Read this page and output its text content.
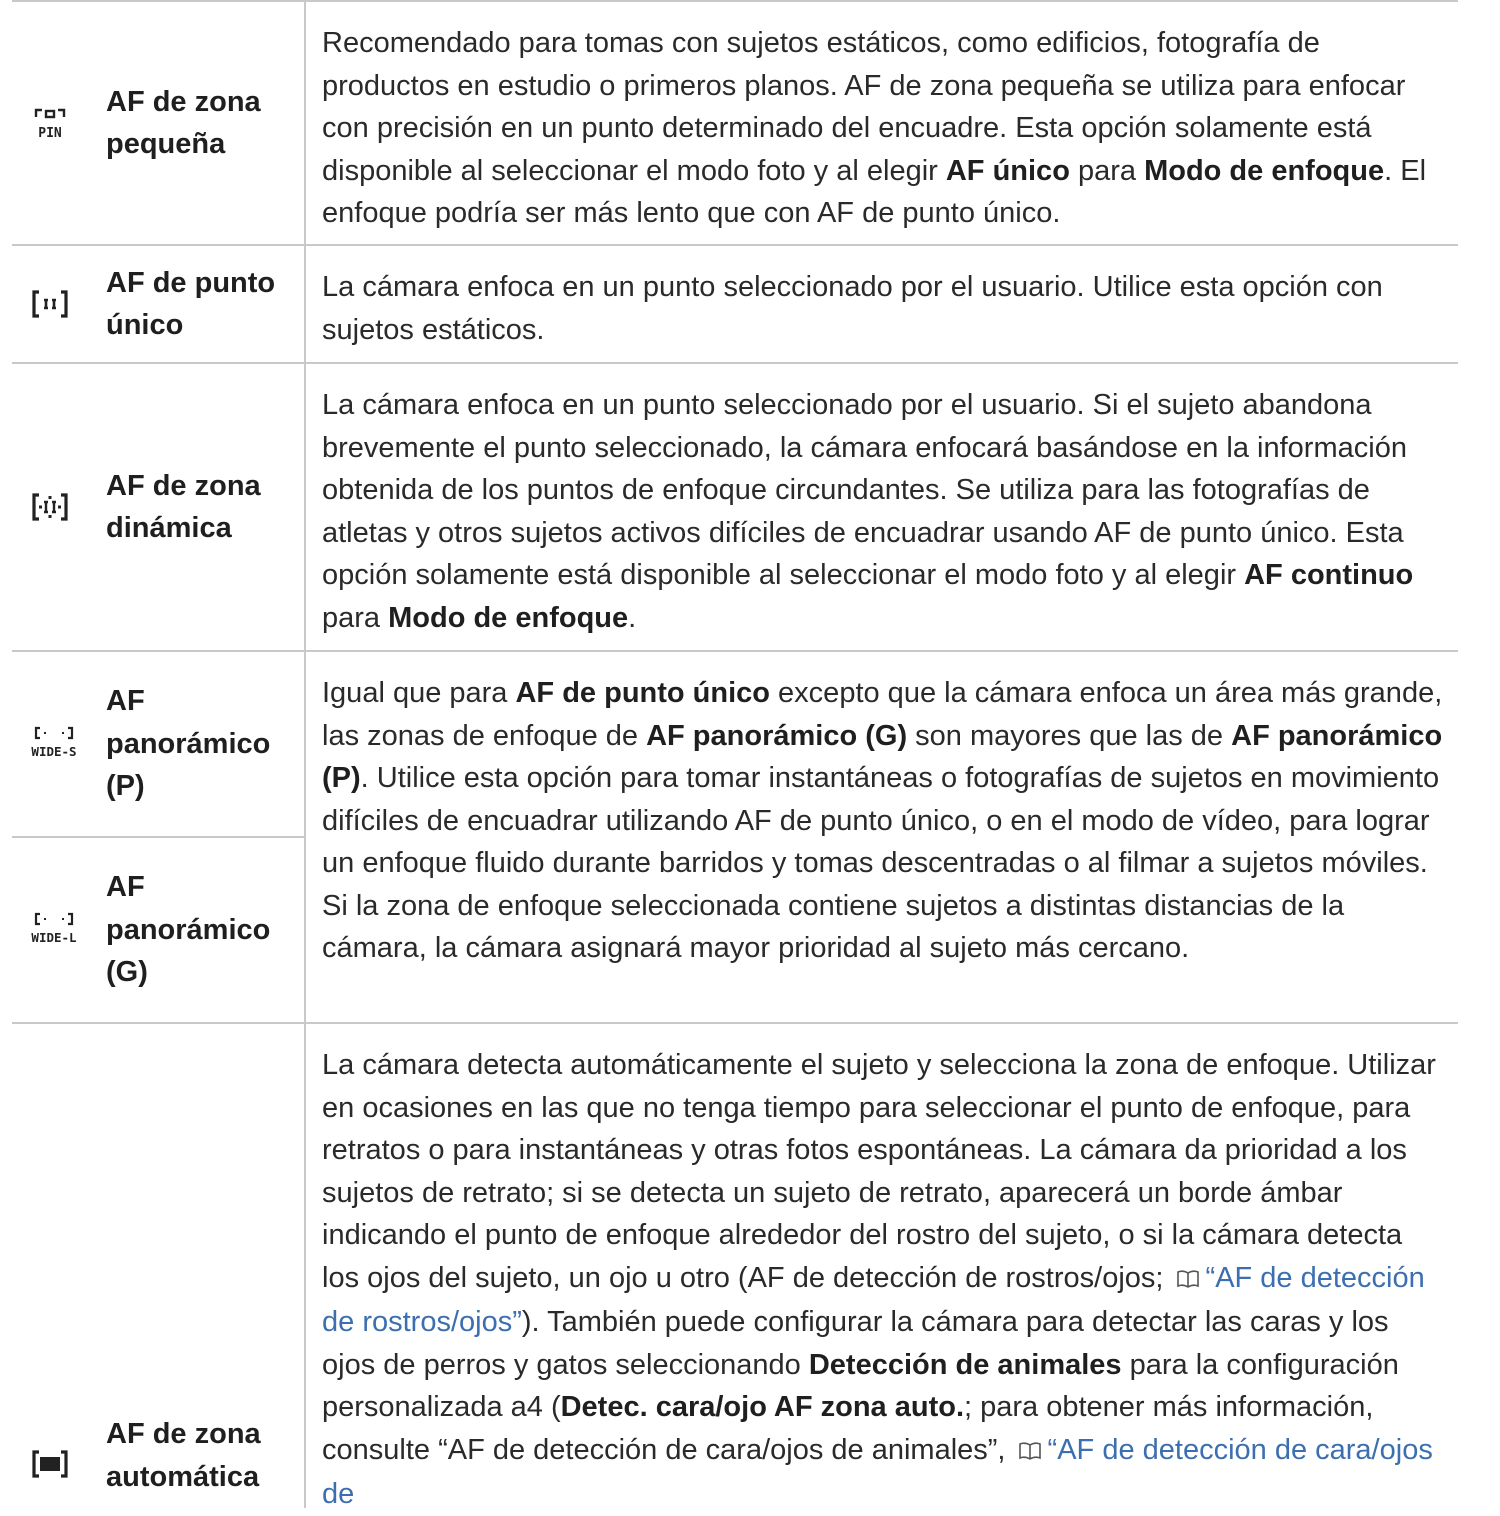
PIN
AF de zona
pequeña
Recomendado para tomas con sujetos estáticos, como edificios, fotografía de productos en estudio o primeros planos. AF de zona pequeña se utiliza para enfocar con precisión en un punto determinado del encuadre. Esta opción solamente está disponible al seleccionar el modo foto y al elegir AF único para Modo de enfoque. El enfoque podría ser más lento que con AF de punto único.
AF de punto
único
La cámara enfoca en un punto seleccionado por el usuario. Utilice esta opción con sujetos estáticos.
AF de zona
dinámica
La cámara enfoca en un punto seleccionado por el usuario. Si el sujeto abandona brevemente el punto seleccionado, la cámara enfocará basándose en la información obtenida de los puntos de enfoque circundantes. Se utiliza para las fotografías de atletas y otros sujetos activos difíciles de encuadrar usando AF de punto único. Esta opción solamente está disponible al seleccionar el modo foto y al elegir AF continuo para Modo de enfoque.
WIDE-S
AF
panorámico
(P)
WIDE-L
AF
panorámico
(G)
Igual que para AF de punto único excepto que la cámara enfoca un área más grande, las zonas de enfoque de AF panorámico (G) son mayores que las de AF panorámico (P). Utilice esta opción para tomar instantáneas o fotografías de sujetos en movimiento difíciles de encuadrar utilizando AF de punto único, o en el modo de vídeo, para lograr un enfoque fluido durante barridos y tomas descentradas o al filmar a sujetos móviles. Si la zona de enfoque seleccionada contiene sujetos a distintas distancias de la cámara, la cámara asignará mayor prioridad al sujeto más cercano.
AF de zona
automática
La cámara detecta automáticamente el sujeto y selecciona la zona de enfoque. Utilizar en ocasiones en las que no tenga tiempo para seleccionar el punto de enfoque, para retratos o para instantáneas y otras fotos espontáneas. La cámara da prioridad a los sujetos de retrato; si se detecta un sujeto de retrato, aparecerá un borde ámbar indicando el punto de enfoque alrededor del rostro del sujeto, o si la cámara detecta los ojos del sujeto, un ojo u otro (AF de detección de rostros/ojos; “AF de detección de rostros/ojos”). También puede configurar la cámara para detectar las caras y los ojos de perros y gatos seleccionando Detección de animales para la configuración personalizada a4 (Detec. cara/ojo AF zona auto.; para obtener más información, consulte “AF de detección de cara/ojos de animales”, “AF de detección de cara/ojos de
